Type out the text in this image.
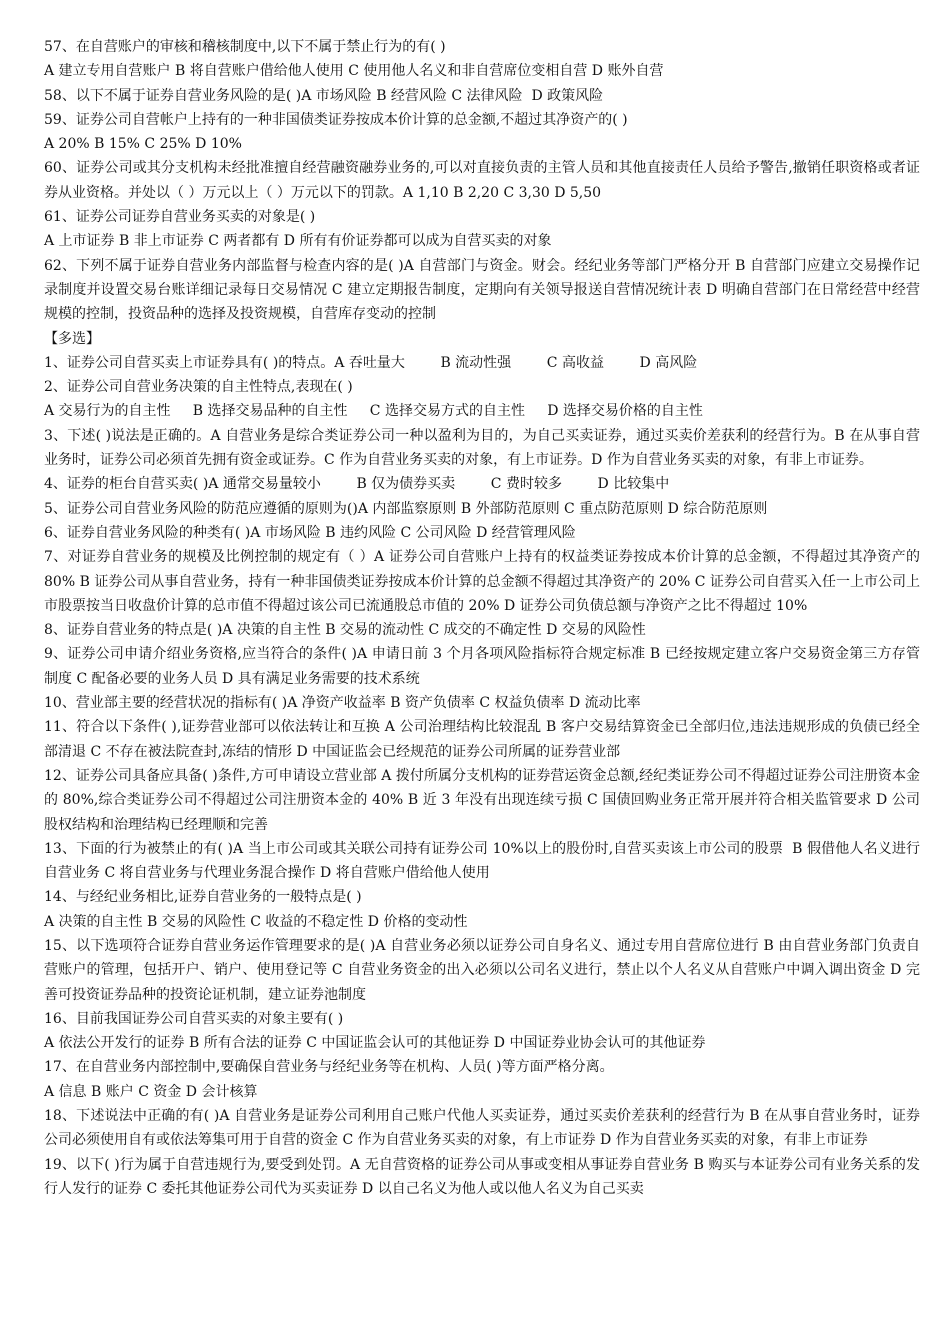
57、在自营账户的审核和稽核制度中,以下不属于禁止行为的有( )

A 建立专用自营账户 B 将自营账户借给他人使用 C 使用他人名义和非自营席位变相自营 D 账外自营

58、以下不属于证券自营业务风险的是( )A 市场风险 B 经营风险 C 法律风险  D 政策风险

59、证券公司自营帐户上持有的一种非国债类证券按成本价计算的总金额,不超过其净资产的( )

A 20% B 15% C 25% D 10%

60、证券公司或其分支机构未经批准擅自经营融资融券业务的,可以对直接负责的主管人员和其他直接责任人员给予警告,撤销任职资格或者证券从业资格。并处以（ ）万元以上（ ）万元以下的罚款。A 1,10 B 2,20 C 3,30 D 5,50

61、证券公司证券自营业务买卖的对象是( )

A 上市证券 B 非上市证券 C 两者都有 D 所有有价证券都可以成为自营买卖的对象

62、下列不属于证券自营业务内部监督与检查内容的是( )A 自营部门与资金。财会。经纪业务等部门严格分开 B 自营部门应建立交易操作记录制度并设置交易台账详细记录每日交易情况 C 建立定期报告制度，定期向有关领导报送自营情况统计表 D 明确自营部门在日常经营中经营规模的控制，投资品种的选择及投资规模，自营库存变动的控制

【多选】

1、证券公司自营买卖上市证券具有( )的特点。A 吞吐量大        B 流动性强        C 高收益        D 高风险

2、证券公司自营业务决策的自主性特点,表现在( )

A 交易行为的自主性     B 选择交易品种的自主性     C 选择交易方式的自主性     D 选择交易价格的自主性

3、下述( )说法是正确的。A 自营业务是综合类证券公司一种以盈利为目的，为自己买卖证券，通过买卖价差获利的经营行为。B 在从事自营业务时，证券公司必须首先拥有资金或证券。C 作为自营业务买卖的对象，有上市证券。D 作为自营业务买卖的对象，有非上市证券。

4、证券的柜台自营买卖( )A 通常交易量较小        B 仅为债券买卖        C 费时较多        D 比较集中

5、证券公司自营业务风险的防范应遵循的原则为()A 内部监察原则 B 外部防范原则 C 重点防范原则 D 综合防范原则

6、证券自营业务风险的种类有( )A 市场风险 B 违约风险 C 公司风险 D 经营管理风险

7、对证券自营业务的规模及比例控制的规定有（ ）A 证券公司自营账户上持有的权益类证券按成本价计算的总金额，不得超过其净资产的 80% B 证券公司从事自营业务，持有一种非国债类证券按成本价计算的总金额不得超过其净资产的 20% C 证券公司自营买入任一上市公司上市股票按当日收盘价计算的总市值不得超过该公司已流通股总市值的 20% D 证券公司负债总额与净资产之比不得超过 10%

8、证券自营业务的特点是( )A 决策的自主性 B 交易的流动性 C 成交的不确定性 D 交易的风险性

9、证券公司申请介绍业务资格,应当符合的条件( )A 申请日前 3 个月各项风险指标符合规定标准 B 已经按规定建立客户交易资金第三方存管制度 C 配备必要的业务人员 D 具有满足业务需要的技术系统

10、营业部主要的经营状况的指标有( )A 净资产收益率 B 资产负债率 C 权益负债率 D 流动比率

11、符合以下条件( ),证券营业部可以依法转让和互换 A 公司治理结构比较混乱 B 客户交易结算资金已全部归位,违法违规形成的负债已经全部清退 C 不存在被法院查封,冻结的情形 D 中国证监会已经规范的证券公司所属的证券营业部

12、证券公司具备应具备( )条件,方可申请设立营业部 A 拨付所属分支机构的证券营运资金总额,经纪类证券公司不得超过证券公司注册资本金的 80%,综合类证券公司不得超过公司注册资本金的 40% B 近 3 年没有出现连续亏损 C 国债回购业务正常开展并符合相关监管要求 D 公司股权结构和治理结构已经理顺和完善

13、下面的行为被禁止的有( )A 当上市公司或其关联公司持有证券公司 10%以上的股份时,自营买卖该上市公司的股票  B 假借他人名义进行自营业务 C 将自营业务与代理业务混合操作 D 将自营账户借给他人使用

14、与经纪业务相比,证券自营业务的一般特点是( )

A 决策的自主性 B 交易的风险性 C 收益的不稳定性 D 价格的变动性

15、以下选项符合证券自营业务运作管理要求的是( )A 自营业务必须以证券公司自身名义、通过专用自营席位进行 B 由自营业务部门负责自营账户的管理，包括开户、销户、使用登记等 C 自营业务资金的出入必须以公司名义进行，禁止以个人名义从自营账户中调入调出资金 D 完善可投资证券品种的投资论证机制，建立证券池制度

16、目前我国证券公司自营买卖的对象主要有( )

A 依法公开发行的证券 B 所有合法的证券 C 中国证监会认可的其他证券 D 中国证券业协会认可的其他证券

17、在自营业务内部控制中,要确保自营业务与经纪业务等在机构、人员( )等方面严格分离。

A 信息 B 账户 C 资金 D 会计核算

18、下述说法中正确的有( )A 自营业务是证券公司利用自己账户代他人买卖证券，通过买卖价差获利的经营行为 B 在从事自营业务时，证券公司必须使用自有或依法筹集可用于自营的资金 C 作为自营业务买卖的对象，有上市证券 D 作为自营业务买卖的对象，有非上市证券

19、以下( )行为属于自营违规行为,要受到处罚。A 无自营资格的证券公司从事或变相从事证券自营业务 B 购买与本证券公司有业务关系的发行人发行的证券 C 委托其他证券公司代为买卖证券 D 以自己名义为他人或以他人名义为自己买卖
